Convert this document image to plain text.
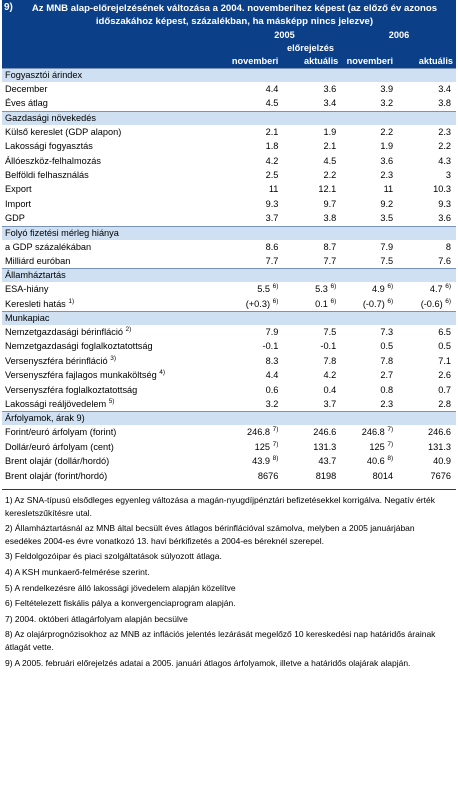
9)	Az MNB alap-előrejelzésének változása a 2004. novemberihez képest (az előző év azonos időszakához képest, százalékban, ha másképp nincs jelezve)
2005	2006
előrejelzés
novemberi	aktuális novemberi	aktuális
Fogyasztói árindex
December	4.4	3.6	3.9	3.4
Éves átlag	4.5	3.4	3.2	3.8
Gazdasági növekedés
Külső kereslet (GDP alapon)	2.1	1.9	2.2	2.3
Lakossági fogyasztás	1.8	2.1	1.9	2.2
Állóeszköz-felhalmozás	4.2	4.5	3.6	4.3
Belföldi felhasználás	2.5	2.2	2.3	3
Export	11	12.1	11	10.3
Import	9.3	9.7	9.2	9.3
GDP	3.7	3.8	3.5	3.6
Folyó fizetési mérleg hiánya
a GDP százalékában	8.6	8.7	7.9	8
Milliárd euróban	7.7	7.7	7.5	7.6
Államháztartás
ESA-hiány	5.5 $^{6)}$	5.3 $^{6)}$	4.9 $^{6)}$	4.7 $^{6)}$
Keresleti hatás $^{1)}$	(+0.3) $^{6)}$	0.1 $^{6)}$	(-0.7) $^{6)}$	(-0.6) $^{6)}$
Munkapiac
Nemzetgazdasági bérinfláció $^{2)}$	7.9	7.5	7.3	6.5
Nemzetgazdasági foglalkoztatottság	-0.1	-0.1	0.5	0.5
Versenyszféra bérinfláció $^{3)}$	8.3	7.8	7.8	7.1
Versenyszféra fajlagos munkaköltség $^{4)}$	4.4	4.2	2.7	2.6
Versenyszféra foglalkoztatottság	0.6	0.4	0.8	0.7
Lakossági reáljövedelem $^{5)}$	3.2	3.7	2.3	2.8
Árfolyamok, árak 9)
Forint/euró árfolyam (forint)	246.8 $^{7)}$	246.6	246.8 $^{7)}$	246.6
Dollár/euró árfolyam (cent)	125 $^{7)}$	131.3	125 $^{7)}$	131.3
Brent olajár (dollár/hordó)	43.9 $^{8)}$	43.7	40.6 $^{8)}$	40.9
Brent olajár (forint/hordó)	8676	8198	8014	7676

1) Az SNA-típusú elsődleges egyenleg változása a magán-nyugdíjpénztári befizetésekkel korrigálva. Negatív érték keresletszűkítésre utal.

2) Államháztartásnál az MNB által becsült éves átlagos bérinflációval számolva, melyben a 2005 januárjában esedékes 2004-es évre vonatkozó 13. havi bérkifizetés a 2004-es béreknél szerepel.

3) Feldolgozóipar és piaci szolgáltatások súlyozott átlaga.

4) A KSH munkaerő-felmérése szerint.

5) A rendelkezésre álló lakossági jövedelem alapján közelítve

6) Feltételezett fiskális pálya a konvergenciaprogram alapján.

7) 2004. októberi átlagárfolyam alapján becsülve

8) Az olajárprognózisokhoz az MNB az inflációs jelentés lezárását megelőző 10 kereskedési nap határidős árainak átlagát vette.

9) A 2005. februári előrejelzés adatai a 2005. januári átlagos árfolyamok, illetve a határidős olajárak alapján.
